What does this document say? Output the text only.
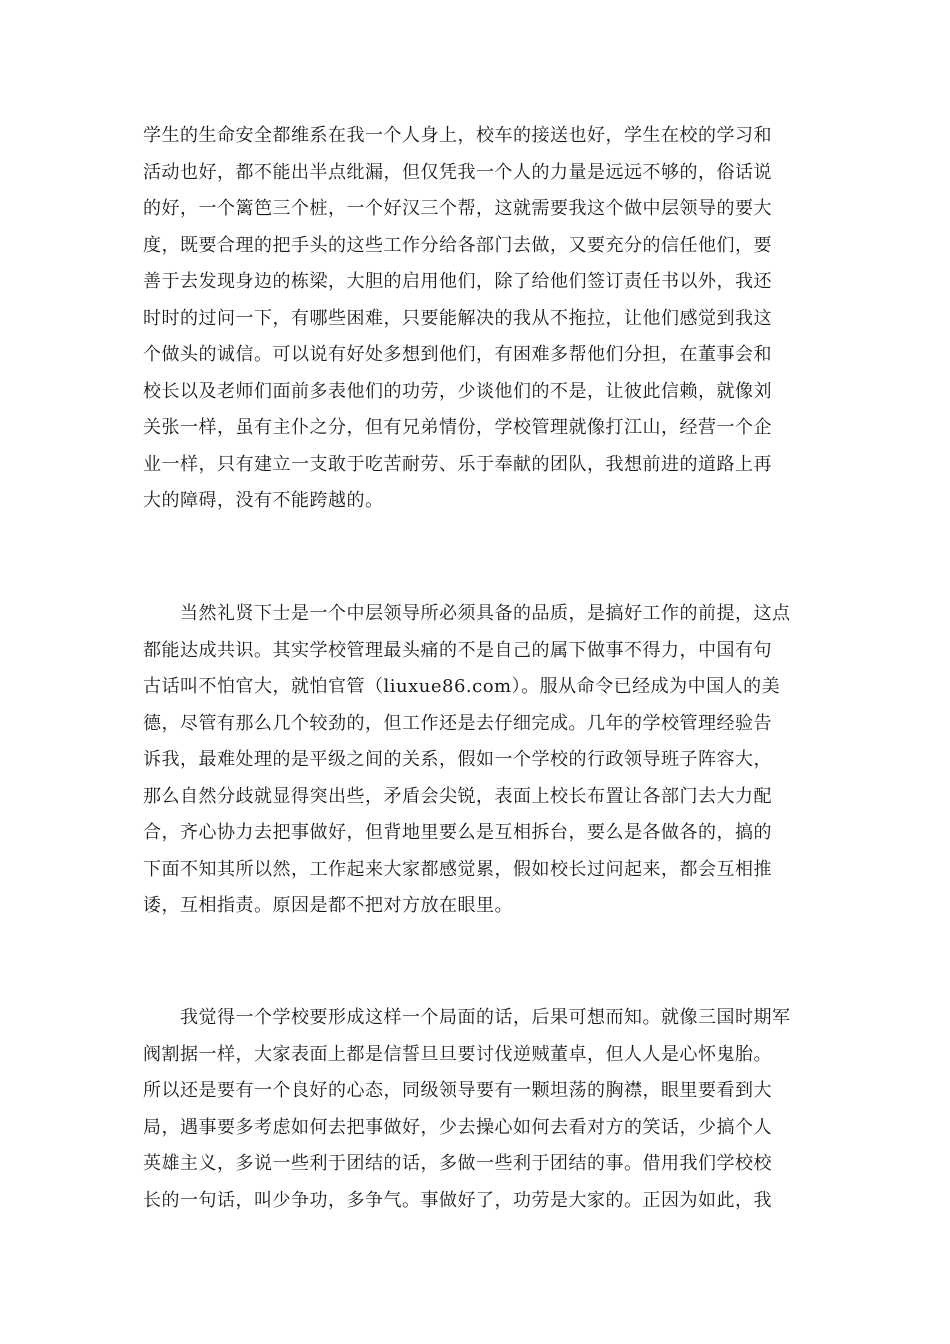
学生的生命安全都维系在我一个人身上，校车的接送也好，学生在校的学习和
活动也好，都不能出半点纰漏，但仅凭我一个人的力量是远远不够的，俗话说
的好，一个篱笆三个桩，一个好汉三个帮，这就需要我这个做中层领导的要大
度，既要合理的把手头的这些工作分给各部门去做，又要充分的信任他们，要
善于去发现身边的栋梁，大胆的启用他们，除了给他们签订责任书以外，我还
时时的过问一下，有哪些困难，只要能解决的我从不拖拉，让他们感觉到我这
个做头的诚信。可以说有好处多想到他们，有困难多帮他们分担，在董事会和
校长以及老师们面前多表他们的功劳，少谈他们的不是，让彼此信赖，就像刘
关张一样，虽有主仆之分，但有兄弟情份，学校管理就像打江山，经营一个企
业一样，只有建立一支敢于吃苦耐劳、乐于奉献的团队，我想前进的道路上再
大的障碍，没有不能跨越的。
　　当然礼贤下士是一个中层领导所必须具备的品质，是搞好工作的前提，这点
都能达成共识。其实学校管理最头痛的不是自己的属下做事不得力，中国有句
古话叫不怕官大，就怕官管（liuxue86.com）。服从命令已经成为中国人的美
德，尽管有那么几个较劲的，但工作还是去仔细完成。几年的学校管理经验告
诉我，最难处理的是平级之间的关系，假如一个学校的行政领导班子阵容大，
那么自然分歧就显得突出些，矛盾会尖锐，表面上校长布置让各部门去大力配
合，齐心协力去把事做好，但背地里要么是互相拆台，要么是各做各的，搞的
下面不知其所以然，工作起来大家都感觉累，假如校长过问起来，都会互相推
诿，互相指责。原因是都不把对方放在眼里。
　　我觉得一个学校要形成这样一个局面的话，后果可想而知。就像三国时期军
阀割据一样，大家表面上都是信誓旦旦要讨伐逆贼董卓，但人人是心怀鬼胎。
所以还是要有一个良好的心态，同级领导要有一颗坦荡的胸襟，眼里要看到大
局，遇事要多考虑如何去把事做好，少去操心如何去看对方的笑话，少搞个人
英雄主义，多说一些利于团结的话，多做一些利于团结的事。借用我们学校校
长的一句话，叫少争功，多争气。事做好了，功劳是大家的。正因为如此，我
